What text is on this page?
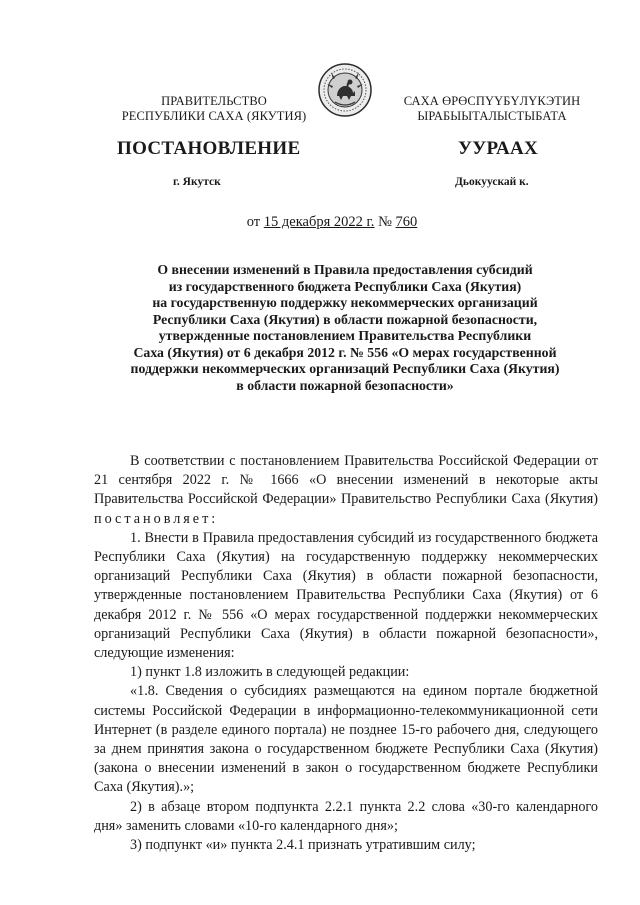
ПРАВИТЕЛЬСТВО
РЕСПУБЛИКИ САХА (ЯКУТИЯ)
САХА ӨРӨСПҮҮБҮЛҮКЭТИН
ЫРАБЫЫТАЛЫСТЫБАТА
ПОСТАНОВЛЕНИЕ	УУРААХ
г. Якутск	Дьокуускай к.
от 15 декабря 2022 г. № 760
О внесении изменений в Правила предоставления субсидий
из государственного бюджета Республики Саха (Якутия)
на государственную поддержку некоммерческих организаций
Республики Саха (Якутия) в области пожарной безопасности,
утвержденные постановлением Правительства Республики
Саха (Якутия) от 6 декабря 2012 г. № 556 «О мерах государственной
поддержки некоммерческих организаций Республики Саха (Якутия)
в области пожарной безопасности»

В соответствии с постановлением Правительства Российской Федерации от 21 сентября 2022 г. № 1666 «О внесении изменений в некоторые акты Правительства Российской Федерации» Правительство Республики Саха (Якутия) постановляет:

1. Внести в Правила предоставления субсидий из государственного бюджета Республики Саха (Якутия) на государственную поддержку некоммерческих организаций Республики Саха (Якутия) в области пожарной безопасности, утвержденные постановлением Правительства Республики Саха (Якутия) от 6 декабря 2012 г. № 556 «О мерах государственной поддержки некоммерческих организаций Республики Саха (Якутия) в области пожарной безопасности», следующие изменения:

1) пункт 1.8 изложить в следующей редакции:

«1.8. Сведения о субсидиях размещаются на едином портале бюджетной системы Российской Федерации в информационно-телекоммуникационной сети Интернет (в разделе единого портала) не позднее 15-го рабочего дня, следующего за днем принятия закона о государственном бюджете Республики Саха (Якутия) (закона о внесении изменений в закон о государственном бюджете Республики Саха (Якутия).»;

2) в абзаце втором подпункта 2.2.1 пункта 2.2 слова «30-го календарного дня» заменить словами «10-го календарного дня»;

3) подпункт «и» пункта 2.4.1 признать утратившим силу;
